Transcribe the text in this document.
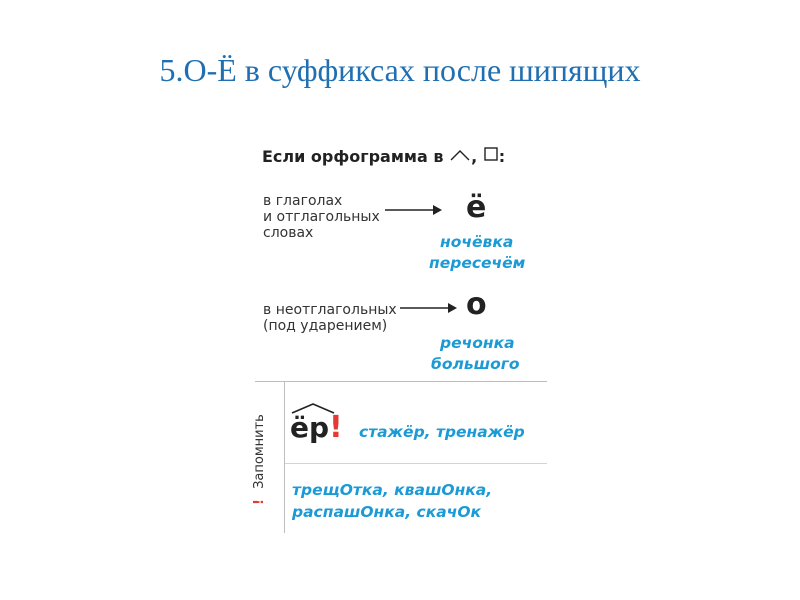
5.О-Ё в суффиксах после шипящих
Если орфограмма в , :
в глаголах
и отглагольных
словах
ё
ночёвка
пересечём
в неотглагольных
(под ударением)
о
речонка
большого
! Запомнить ёр! стажёр, тренажёр
трещОтка, квашОнка,
распашОнка, скачОк
